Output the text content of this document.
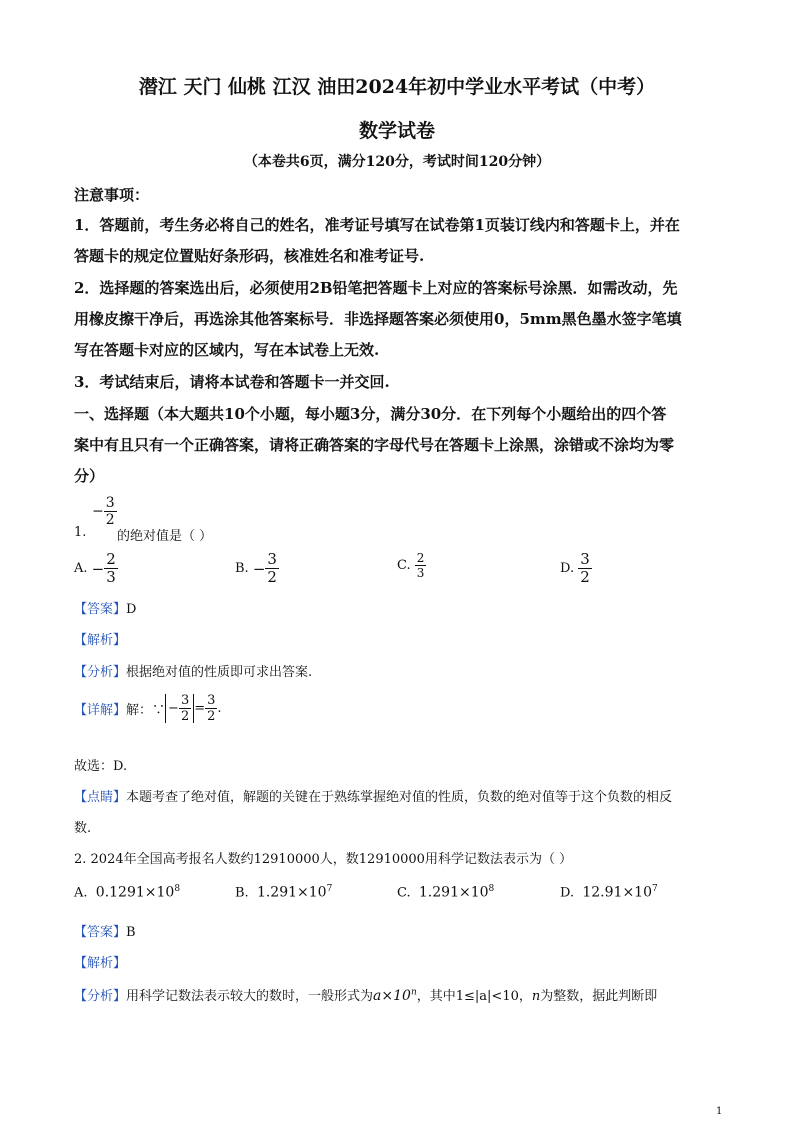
潜江 天门 仙桃 江汉 油田2024年初中学业水平考试（中考）
数学试卷
（本卷共6页，满分120分，考试时间120分钟）
注意事项：
1．答题前，考生务必将自己的姓名，准考证号填写在试卷第1页装订线内和答题卡上，并在
答题卡的规定位置贴好条形码，核准姓名和准考证号.
2．选择题的答案选出后，必须使用2B铅笔把答题卡上对应的答案标号涂黑．如需改动，先
用橡皮擦干净后，再选涂其他答案标号．非选择题答案必须使用0，5mm黑色墨水签字笔填
写在答题卡对应的区域内，写在本试卷上无效.
3．考试结束后，请将本试卷和答题卡一并交回.
一、选择题（本大题共10个小题，每小题3分，满分30分．在下列每个小题给出的四个答
案中有且只有一个正确答案，请将正确答案的字母代号在答题卡上涂黑，涂错或不涂均为零
分）
− $\frac{3}{2}$
1. 的绝对值是（ ）
A.
− $\frac{2}{3}$	B.
− $\frac{3}{2}$	C.
$\frac{2}{3}$	D.
$\frac{3}{2}$
【答案】D
【解析】
【分析】根据绝对值的性质即可求出答案.
【详解】 解：∵ − $\frac{3}{2} = \frac{3}{2}$ .
故选：D.
【点睛】本题考查了绝对值，解题的关键在于熟练掌握绝对值的性质，负数的绝对值等于这个负数的相反
数.
2. 2024年全国高考报名人数约12910000人，数12910000用科学记数法表示为（ ）
A. $0.1291\times 10^8$	B. $1.291\times 10^7$	C. $1.291\times 10^8$	D. $12.91\times 10^7$
【答案】B
【解析】
【分析】用科学记数法表示较大的数时，一般形式为$a\times 10^n$，其中1≤|a|<10，n为整数，据此判断即
1
